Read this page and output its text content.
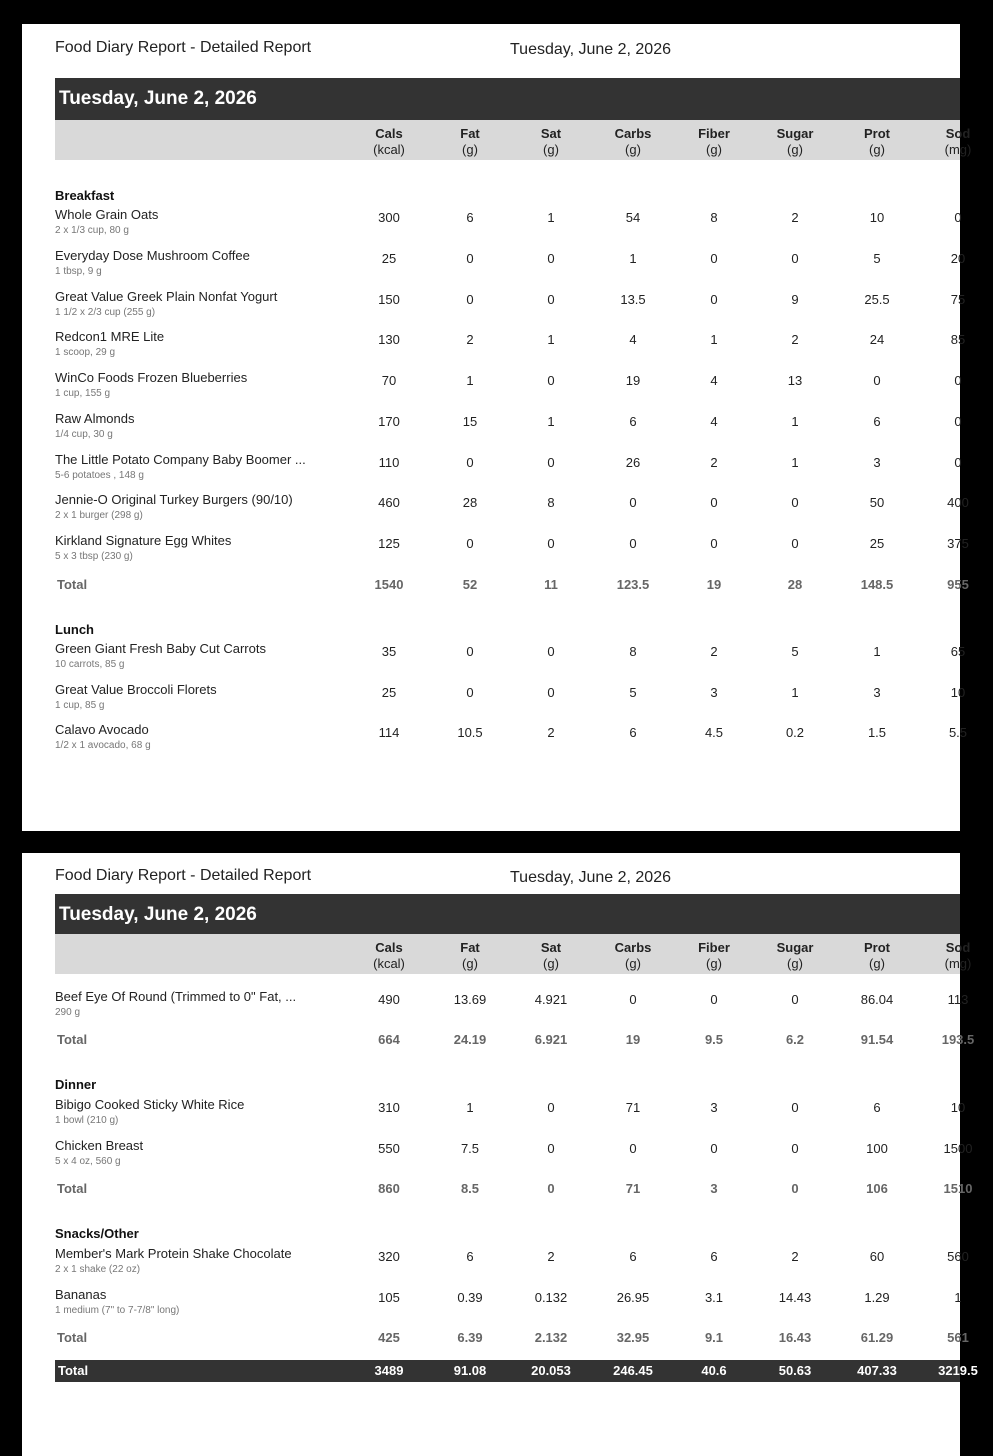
Food Diary Report - Detailed Report	Tuesday, June 2, 2026
Tuesday, June 2, 2026
Cals
(kcal)
Fat
(g)
Sat
(g)
Carbs
(g)
Fiber
(g)
Sugar
(g)
Prot
(g)
Sod
(mg)
Breakfast
Whole Grain Oats
2 x 1/3 cup, 80 g
300	6	1	54	8	2	10	0
Everyday Dose Mushroom Coffee
1 tbsp, 9 g
25	0	0	1	0	0	5	20
Great Value Greek Plain Nonfat Yogurt
1 1/2 x 2/3 cup (255 g)
150	0	0	13.5	0	9	25.5	75
Redcon1 MRE Lite
1 scoop, 29 g
130	2	1	4	1	2	24	85
WinCo Foods Frozen Blueberries
1 cup, 155 g
70	1	0	19	4	13	0	0
Raw Almonds
1/4 cup, 30 g
170	15	1	6	4	1	6	0
The Little Potato Company Baby Boomer ...
5-6 potatoes , 148 g
110	0	0	26	2	1	3	0
Jennie-O Original Turkey Burgers (90/10)
2 x 1 burger (298 g)
460	28	8	0	0	0	50	400
Kirkland Signature Egg Whites
5 x 3 tbsp (230 g)
125	0	0	0	0	0	25	375
Total	1540	52	11	123.5	19	28	148.5	955
Lunch
Green Giant Fresh Baby Cut Carrots
10 carrots, 85 g
35	0	0	8	2	5	1	65
Great Value Broccoli Florets
1 cup, 85 g
25	0	0	5	3	1	3	10
Calavo Avocado
1/2 x 1 avocado, 68 g
114	10.5	2	6	4.5	0.2	1.5	5.5
Food Diary Report - Detailed Report	Tuesday, June 2, 2026
Tuesday, June 2, 2026
Cals
(kcal)
Fat
(g)
Sat
(g)
Carbs
(g)
Fiber
(g)
Sugar
(g)
Prot
(g)
Sod
(mg)
Beef Eye Of Round (Trimmed to 0" Fat, ...
290 g
490	13.69	4.921	0	0	0	86.04	113
Total	664	24.19	6.921	19	9.5	6.2	91.54	193.5
Dinner
Bibigo Cooked Sticky White Rice
1 bowl (210 g)
310	1	0	71	3	0	6	10
Chicken Breast
5 x 4 oz, 560 g
550	7.5	0	0	0	0	100	1500
Total	860	8.5	0	71	3	0	106	1510
Snacks/Other
Member's Mark Protein Shake Chocolate
2 x 1 shake (22 oz)
320	6	2	6	6	2	60	560
Bananas
1 medium (7" to 7-7/8" long)
105	0.39	0.132	26.95	3.1	14.43	1.29	1
Total	425	6.39	2.132	32.95	9.1	16.43	61.29	561
Total	3489	91.08	20.053	246.45	40.6	50.63	407.33	3219.5
